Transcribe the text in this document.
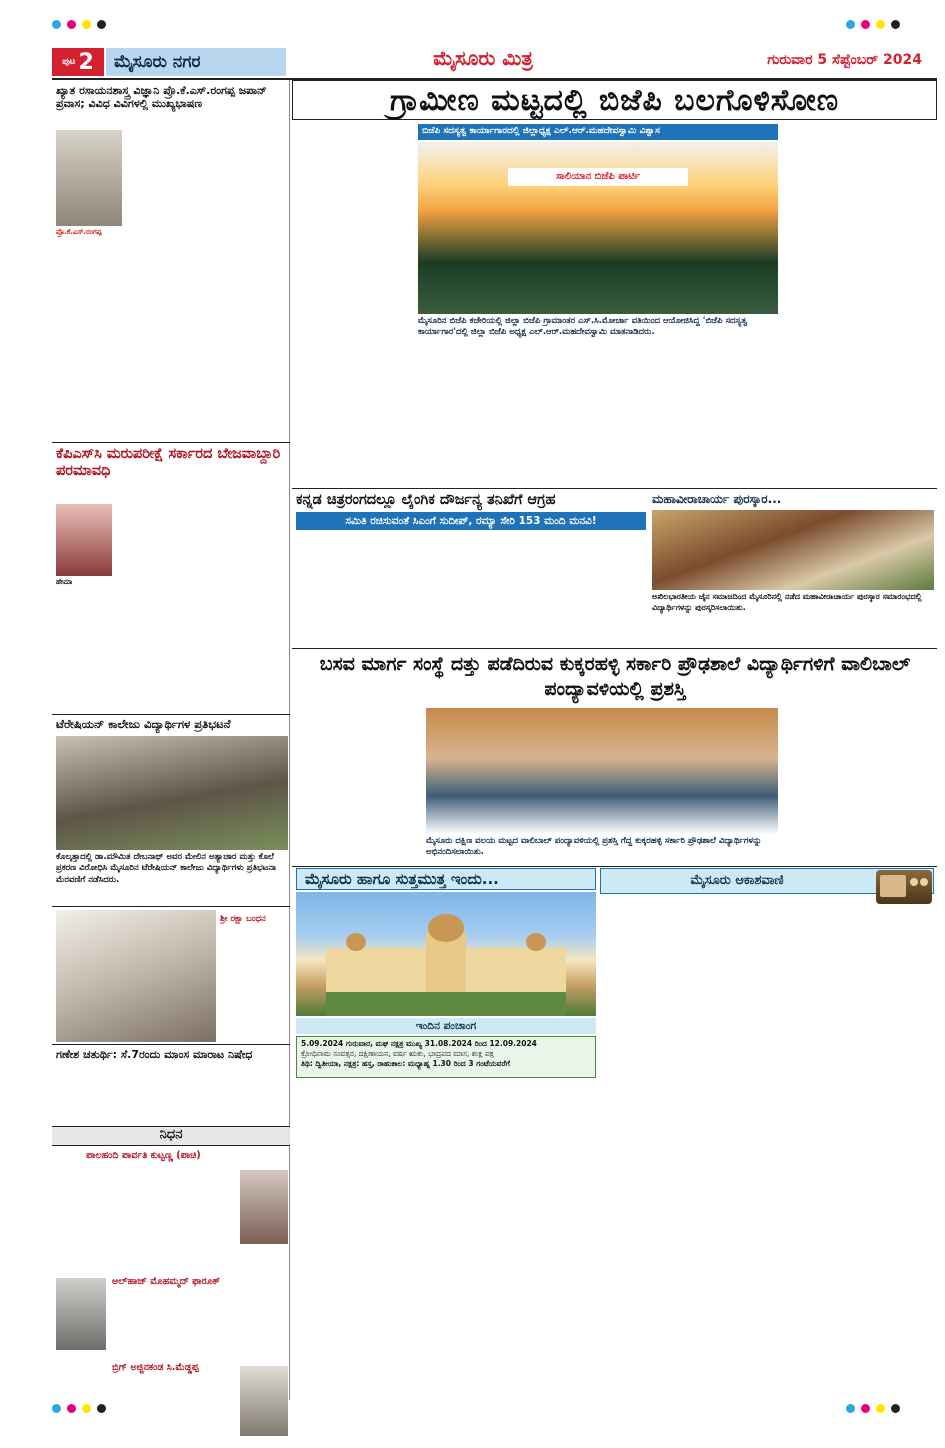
ಪುಟ 2	ಮೈಸೂರು ನಗರ	ಮೈಸೂರು ಮಿತ್ರ	ಗುರುವಾರ 5 ಸೆಪ್ಟೆಂಬರ್ 2024
ಖ್ಯಾತ ರಸಾಯನಶಾಸ್ತ್ರ ವಿಜ್ಞಾನಿ ಪ್ರೊ.ಕೆ.ಎಸ್.ರಂಗಪ್ಪ ಜಪಾನ್ ಪ್ರವಾಸ; ವಿವಿಧ ವಿವಿಗಳಲ್ಲಿ ಮುಖ್ಯಭಾಷಣ
ಪ್ರೊ.ಕೆ.ಎಸ್.ರಂಗಪ್ಪ
ಕೆಪಿಎಸ್‌ಸಿ ಮರುಪರೀಕ್ಷೆ ಸರ್ಕಾರದ ಬೇಜವಾಬ್ದಾರಿ ಪರಮಾವಧಿ
ಹೇಮಾ
ಟೆರೇಷಿಯನ್ ಕಾಲೇಜು ವಿದ್ಯಾರ್ಥಿಗಳ ಪ್ರತಿಭಟನೆ
ಕೊಲ್ಕತ್ತಾದಲ್ಲಿ ಡಾ.ಮೌಮಿತ ದೇಬನಾಥ್ ಅವರ ಮೇಲಿನ ಅತ್ಯಾಚಾರ ಮತ್ತು ಕೊಲೆ ಪ್ರಕರಣ ವಿರೋಧಿಸಿ ಮೈಸೂರಿನ ಟೆರೇಷಿಯನ್ ಕಾಲೇಜು ವಿದ್ಯಾರ್ಥಿಗಳು ಪ್ರತಿಭಟನಾ ಮೆರವಣಿಗೆ ನಡೆಸಿದರು.
ಶ್ರೀ ರಕ್ಷಾ ಬಂಧನ
ಗಣೇಶ ಚತುರ್ಥಿ: ಸೆ.7ರಂದು ಮಾಂಸ ಮಾರಾಟ ನಿಷೇಧ
ನಿಧನ
ಪಾಲಹಂದಿ ಪಾರ್ವತಿ ಕುಟ್ಟಣ್ಣ (ಪಾಚಿ)
ಅಲ್‌ಹಾಜ್ ಮೊಹಮ್ಮದ್ ಫಾರೂಕ್
ಬ್ರಿಗ್ ಅಜ್ಜಿನಕಂಡ ಸಿ.ಮೆಡ್ಡಪ್ಪ
ಗ್ರಾಮೀಣ ಮಟ್ಟದಲ್ಲಿ ಬಿಜೆಪಿ ಬಲಗೊಳಿಸೋಣ
ಬಿಜೆಪಿ ಸದಸ್ಯತ್ವ ಕಾರ್ಯಾಗಾರದಲ್ಲಿ ಜಿಲ್ಲಾಧ್ಯಕ್ಷ ಎಲ್.ಆರ್.ಮಹದೇವಸ್ವಾಮಿ ವಿಶ್ವಾಸ
ಸಾಲಿಯಾನ ಬಿಜೆಪಿ ಪಾರ್ಟಿ
ಮೈಸೂರಿನ ಬಿಜೆಪಿ ಕಚೇರಿಯಲ್ಲಿ ಜಿಲ್ಲಾ ಬಿಜೆಪಿ ಗ್ರಾಮಾಂತರ ಎಸ್.ಸಿ.ಮೋರ್ಚಾ ವತಿಯಿಂದ ಆಯೋಜಿಸಿದ್ದ 'ಬಿಜೆಪಿ ಸದಸ್ಯತ್ವ ಕಾರ್ಯಾಗಾರ'ದಲ್ಲಿ ಜಿಲ್ಲಾ ಬಿಜೆಪಿ ಅಧ್ಯಕ್ಷ ಎಲ್.ಆರ್.ಮಹದೇವಸ್ವಾಮಿ ಮಾತನಾಡಿದರು.
ಕನ್ನಡ ಚಿತ್ರರಂಗದಲ್ಲೂ ಲೈಂಗಿಕ ದೌರ್ಜನ್ಯ ತನಿಖೆಗೆ ಆಗ್ರಹ
ಸಮಿತಿ ರಚಿಸುವಂತೆ ಸಿಎಂಗೆ ಸುದೀಪ್, ರಮ್ಯಾ ಸೇರಿ 153 ಮಂದಿ ಮನವಿ!
ಮಹಾವೀರಾಚಾರ್ಯ ಪುರಸ್ಕಾರ...
ಅಖಿಲಭಾರತೀಯ ಜೈನ ಸಮಾಜದಿಂದ ಮೈಸೂರಿನಲ್ಲಿ ನಡೆದ ಮಹಾವೀರಾಚಾರ್ಯ ಪುರಸ್ಕಾರ ಸಮಾರಂಭದಲ್ಲಿ ವಿದ್ಯಾರ್ಥಿಗಳನ್ನು ಪುರಸ್ಕರಿಸಲಾಯಿತು.
ಬಸವ ಮಾರ್ಗ ಸಂಸ್ಥೆ ದತ್ತು ಪಡೆದಿರುವ ಕುಕ್ಕರಹಳ್ಳಿ ಸರ್ಕಾರಿ ಪ್ರೌಢಶಾಲೆ ವಿದ್ಯಾರ್ಥಿಗಳಿಗೆ ವಾಲಿಬಾಲ್ ಪಂದ್ಯಾವಳಿಯಲ್ಲಿ ಪ್ರಶಸ್ತಿ
ಮೈಸೂರು ದಕ್ಷಿಣ ವಲಯ ಮಟ್ಟದ ವಾಲಿಬಾಲ್ ಪಂದ್ಯಾವಳಿಯಲ್ಲಿ ಪ್ರಶಸ್ತಿ ಗೆದ್ದ ಕುಕ್ಕರಹಳ್ಳಿ ಸರ್ಕಾರಿ ಪ್ರೌಢಶಾಲೆ ವಿದ್ಯಾರ್ಥಿಗಳನ್ನು ಅಭಿನಂದಿಸಲಾಯಿತು.
ಮೈಸೂರು ಹಾಗೂ ಸುತ್ತಮುತ್ತ ಇಂದು...
ಇಂದಿನ ಪಂಚಾಂಗ
5.09.2024 ಗುರುವಾರ, ಮಘ ನಕ್ಷತ್ರ ಮುಖ್ಯ 31.08.2024 ರಿಂದ 12.09.2024
ಕ್ರೋಧಿನಾಮ ಸಂವತ್ಸರ, ದಕ್ಷಿಣಾಯನ, ವರ್ಷ ಋತು, ಭಾದ್ರಪದ ಮಾಸ, ಶುಕ್ಲ ಪಕ್ಷ
ತಿಥಿ: ದ್ವಿತೀಯಾ, ನಕ್ಷತ್ರ: ಹಸ್ತ, ರಾಹುಕಾಲ: ಮಧ್ಯಾಹ್ನ 1.30 ರಿಂದ 3 ಗಂಟೆಯವರೆಗೆ
ಮೈಸೂರು ಆಕಾಶವಾಣಿ
